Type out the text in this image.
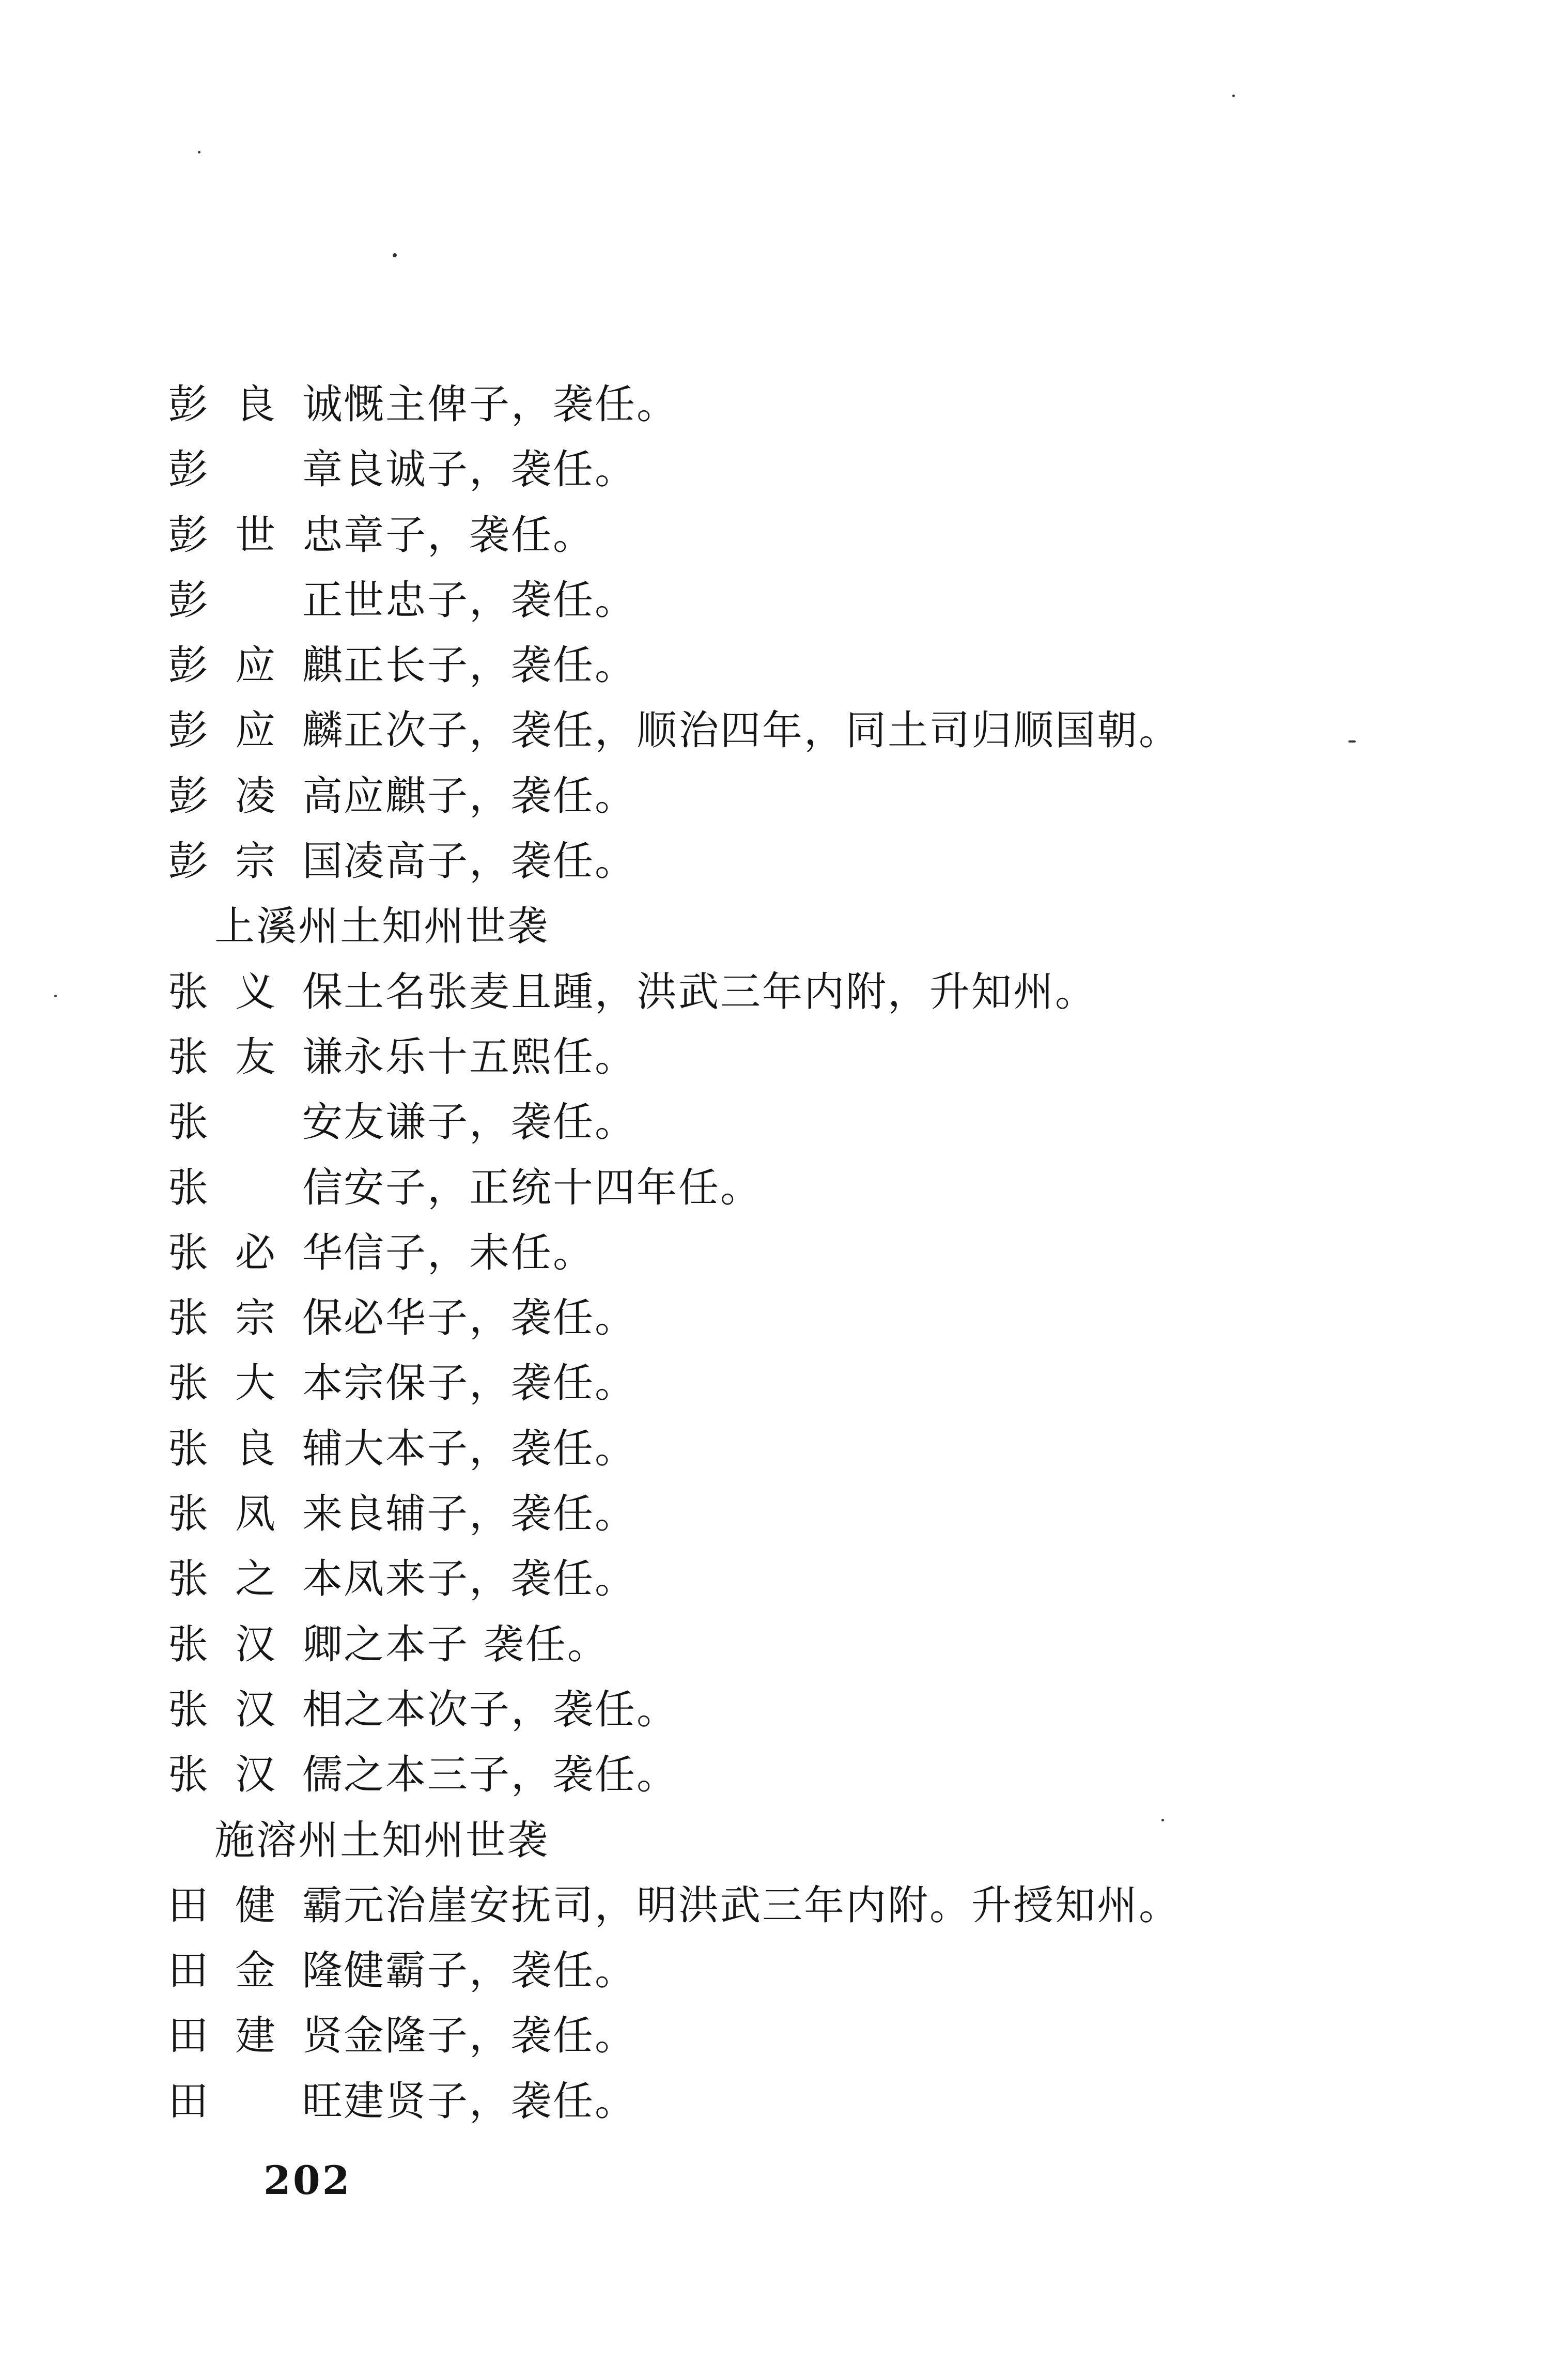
彭良诚 慨主俾子，袭任。
彭章 良诚子，袭任。
彭世忠 章子，袭任。
彭正 世忠子，袭任。
彭应麒 正长子，袭任。
彭应麟 正次子，袭任，顺治四年，同土司归顺国朝。
彭凌高 应麒子，袭任。
彭宗国 凌高子，袭任。
上溪州土知州世袭
张义保 土名张麦且踵，洪武三年内附，升知州。
张友谦 永乐十五熙任。
张安 友谦子，袭任。
张信 安子，正统十四年任。
张必华 信子，未任。
张宗保 必华子，袭任。
张大本 宗保子，袭任。
张良辅 大本子，袭任。
张凤来 良辅子，袭任。
张之本 凤来子，袭任。
张汉卿 之本子 袭任。
张汉相 之本次子，袭任。
张汉儒 之本三子，袭任。
施溶州土知州世袭
田健霸 元治崖安抚司，明洪武三年内附。升授知州。
田金隆 健霸子，袭任。
田建贤 金隆子，袭任。
田旺 建贤子，袭任。
202
